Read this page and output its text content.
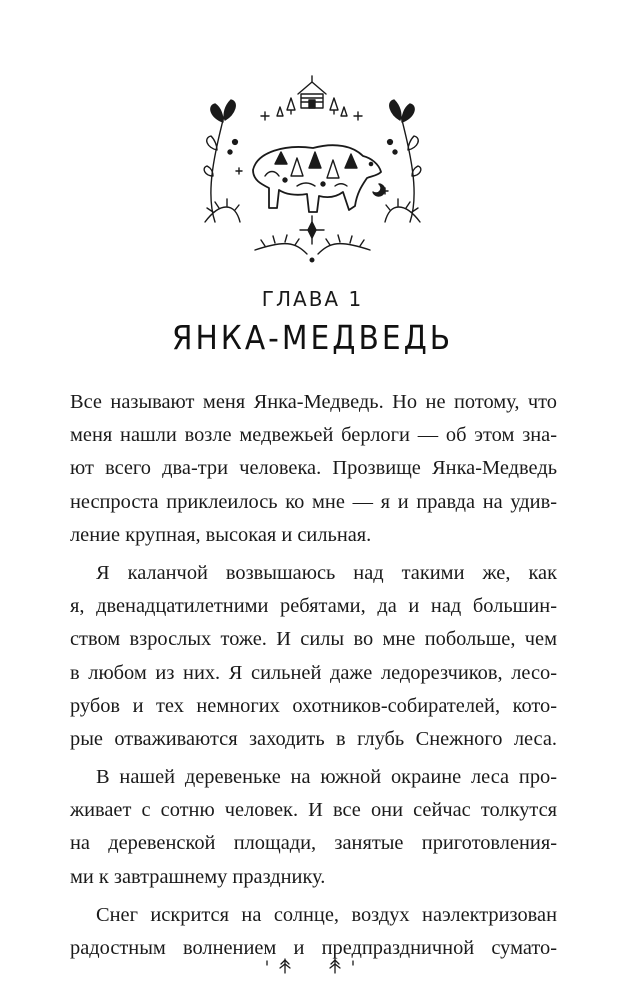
ГЛАВА 1
ЯНКА-МЕДВЕДЬ
Все называют меня Янка-Медведь. Но не потому, что
меня нашли возле медвежьей берлоги — об этом зна-
ют всего два-три человека. Прозвище Янка-Медведь
неспроста приклеилось ко мне — я и правда на удив-
ление крупная, высокая и сильная.
Я каланчой возвышаюсь над такими же, как
я, двенадцатилетними ребятами, да и над большин-
ством взрослых тоже. И силы во мне побольше, чем
в любом из них. Я сильней даже ледорезчиков, лесо-
рубов и тех немногих охотников-собирателей, кото-
рые отваживаются заходить в глубь Снежного леса.
В нашей деревеньке на южной окраине леса про-
живает с сотню человек. И все они сейчас толкутся
на деревенской площади, занятые приготовления-
ми к завтрашнему празднику.
Снег искрится на солнце, воздух наэлектризован
радостным волнением и предпраздничной сумато-
